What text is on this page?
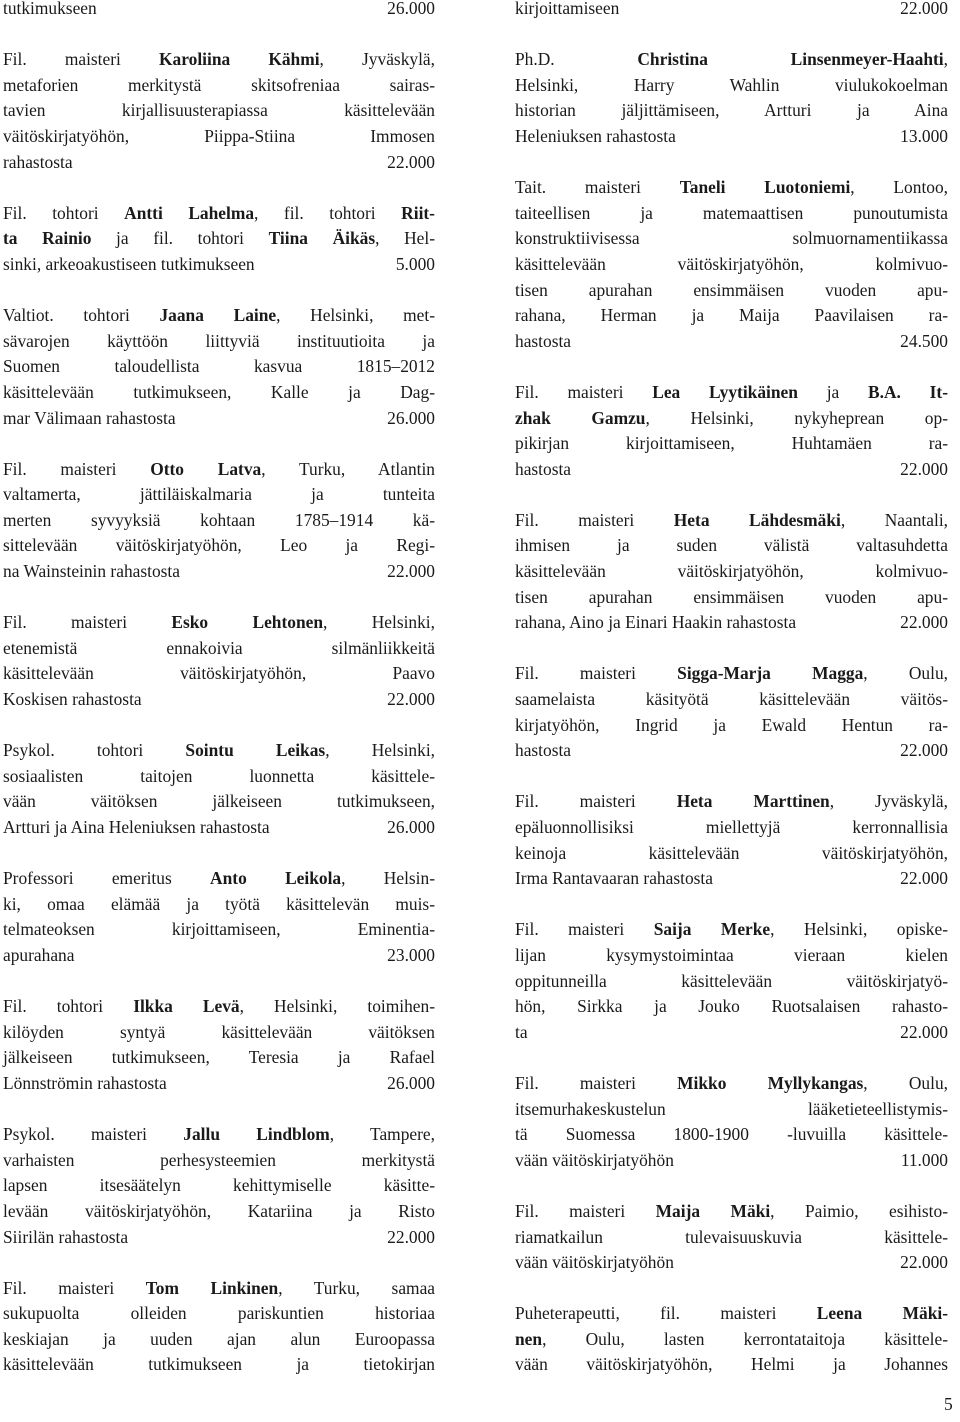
tutkimukseen	26.000
Fil. maisteri Karoliina Kähmi, Jyväskylä,
metaforien merkitystä skitsofreniaa sairas-
tavien kirjallisuusterapiassa käsittelevään
väitöskirjatyöhön, Piippa-Stiina Immosen
rahastosta	22.000
Fil. tohtori Antti Lahelma, fil. tohtori Riit-
ta Rainio ja fil. tohtori Tiina Äikäs, Hel-
sinki, arkeoakustiseen tutkimukseen	5.000
Valtiot. tohtori Jaana Laine, Helsinki, met-
sävarojen käyttöön liittyviä instituutioita ja
Suomen taloudellista kasvua 1815–2012
käsittelevään tutkimukseen, Kalle ja Dag-
mar Välimaan rahastosta	26.000
Fil. maisteri Otto Latva, Turku, Atlantin
valtamerta, jättiläiskalmaria ja tunteita
merten syvyyksiä kohtaan 1785–1914 kä-
sittelevään väitöskirjatyöhön, Leo ja Regi-
na Wainsteinin rahastosta	22.000
Fil. maisteri Esko Lehtonen, Helsinki,
etenemistä ennakoivia silmänliikkeitä
käsittelevään väitöskirjatyöhön, Paavo
Koskisen rahastosta	22.000
Psykol. tohtori Sointu Leikas, Helsinki,
sosiaalisten taitojen luonnetta käsittele-
vään väitöksen jälkeiseen tutkimukseen,
Artturi ja Aina Heleniuksen rahastosta	26.000
Professori emeritus Anto Leikola, Helsin-
ki, omaa elämää ja työtä käsittelevän muis-
telmateoksen kirjoittamiseen, Eminentia-
apurahana	23.000
Fil. tohtori Ilkka Levä, Helsinki, toimihen-
kilöyden syntyä käsittelevään väitöksen
jälkeiseen tutkimukseen, Teresia ja Rafael
Lönnströmin rahastosta	26.000
Psykol. maisteri Jallu Lindblom, Tampere,
varhaisten perhesysteemien merkitystä
lapsen itsesäätelyn kehittymiselle käsitte-
levään väitöskirjatyöhön, Katariina ja Risto
Siirilän rahastosta	22.000
Fil. maisteri Tom Linkinen, Turku, samaa
sukupuolta olleiden pariskuntien historiaa
keskiajan ja uuden ajan alun Euroopassa
käsittelevään tutkimukseen ja tietokirjan
kirjoittamiseen	22.000
Ph.D. Christina Linsenmeyer-Haahti,
Helsinki, Harry Wahlin viulukokoelman
historian jäljittämiseen, Artturi ja Aina
Heleniuksen rahastosta	13.000
Tait. maisteri Taneli Luotoniemi, Lontoo,
taiteellisen ja matemaattisen punoutumista
konstruktiivisessa solmuornamentiikassa
käsittelevään väitöskirjatyöhön, kolmivuo-
tisen apurahan ensimmäisen vuoden apu-
rahana, Herman ja Maija Paavilaisen ra-
hastosta	24.500
Fil. maisteri Lea Lyytikäinen ja B.A. It-
zhak Gamzu, Helsinki, nykyheprean op-
pikirjan kirjoittamiseen, Huhtamäen ra-
hastosta	22.000
Fil. maisteri Heta Lähdesmäki, Naantali,
ihmisen ja suden välistä valtasuhdetta
käsittelevään väitöskirjatyöhön, kolmivuo-
tisen apurahan ensimmäisen vuoden apu-
rahana, Aino ja Einari Haakin rahastosta	22.000
Fil. maisteri Sigga-Marja Magga, Oulu,
saamelaista käsityötä käsittelevään väitös-
kirjatyöhön, Ingrid ja Ewald Hentun ra-
hastosta	22.000
Fil. maisteri Heta Marttinen, Jyväskylä,
epäluonnollisiksi miellettyjä kerronnallisia
keinoja käsittelevään väitöskirjatyöhön,
Irma Rantavaaran rahastosta	22.000
Fil. maisteri Saija Merke, Helsinki, opiske-
lijan kysymystoimintaa vieraan kielen
oppitunneilla käsittelevään väitöskirjatyö-
hön, Sirkka ja Jouko Ruotsalaisen rahasto-
ta	22.000
Fil. maisteri Mikko Myllykangas, Oulu,
itsemurhakeskustelun lääketieteellistymis-
tä Suomessa 1800-1900 -luvuilla käsittele-
vään väitöskirjatyöhön	11.000
Fil. maisteri Maija Mäki, Paimio, esihisto-
riamatkailun tulevaisuuskuvia käsittele-
vään väitöskirjatyöhön	22.000
Puheterapeutti, fil. maisteri Leena Mäki-
nen, Oulu, lasten kerrontataitoja käsittele-
vään väitöskirjatyöhön, Helmi ja Johannes
5
